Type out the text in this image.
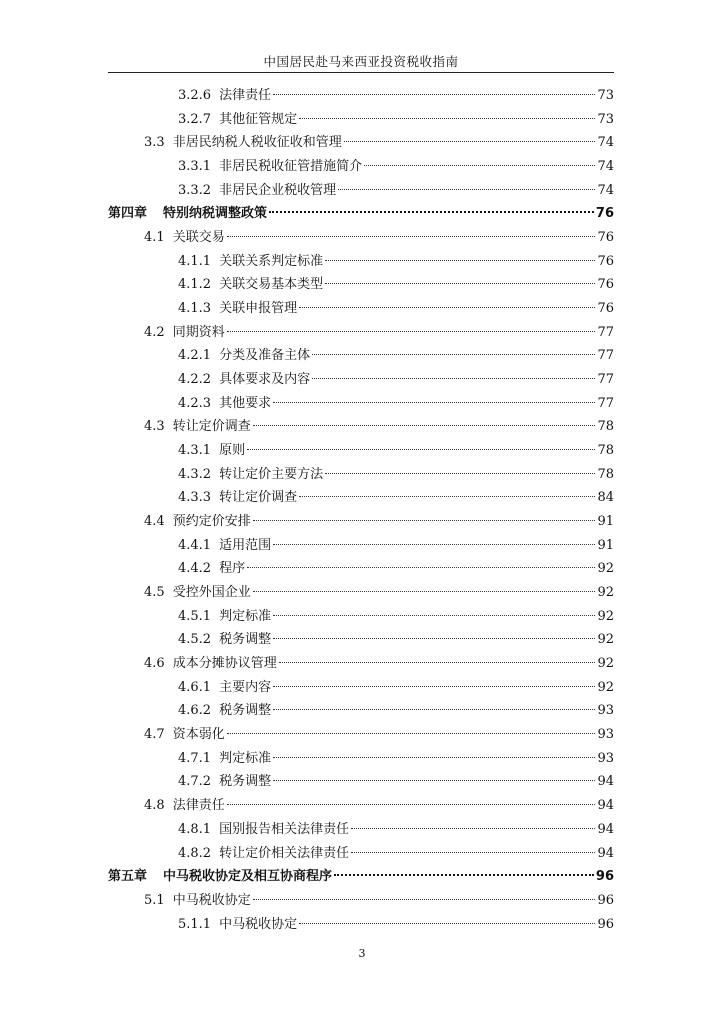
中国居民赴马来西亚投资税收指南
3.2.6 法律责任	73
3.2.7 其他征管规定	73
3.3 非居民纳税人税收征收和管理	74
3.3.1 非居民税收征管措施简介	74
3.3.2 非居民企业税收管理	74
第四章 特别纳税调整政策	76
4.1 关联交易	76
4.1.1 关联关系判定标准	76
4.1.2 关联交易基本类型	76
4.1.3 关联申报管理	76
4.2 同期资料	77
4.2.1 分类及准备主体	77
4.2.2 具体要求及内容	77
4.2.3 其他要求	77
4.3 转让定价调查	78
4.3.1 原则	78
4.3.2 转让定价主要方法	78
4.3.3 转让定价调查	84
4.4 预约定价安排	91
4.4.1 适用范围	91
4.4.2 程序	92
4.5 受控外国企业	92
4.5.1 判定标准	92
4.5.2 税务调整	92
4.6 成本分摊协议管理	92
4.6.1 主要内容	92
4.6.2 税务调整	93
4.7 资本弱化	93
4.7.1 判定标准	93
4.7.2 税务调整	94
4.8 法律责任	94
4.8.1 国别报告相关法律责任	94
4.8.2 转让定价相关法律责任	94
第五章 中马税收协定及相互协商程序	96
5.1 中马税收协定	96
5.1.1 中马税收协定	96
3
